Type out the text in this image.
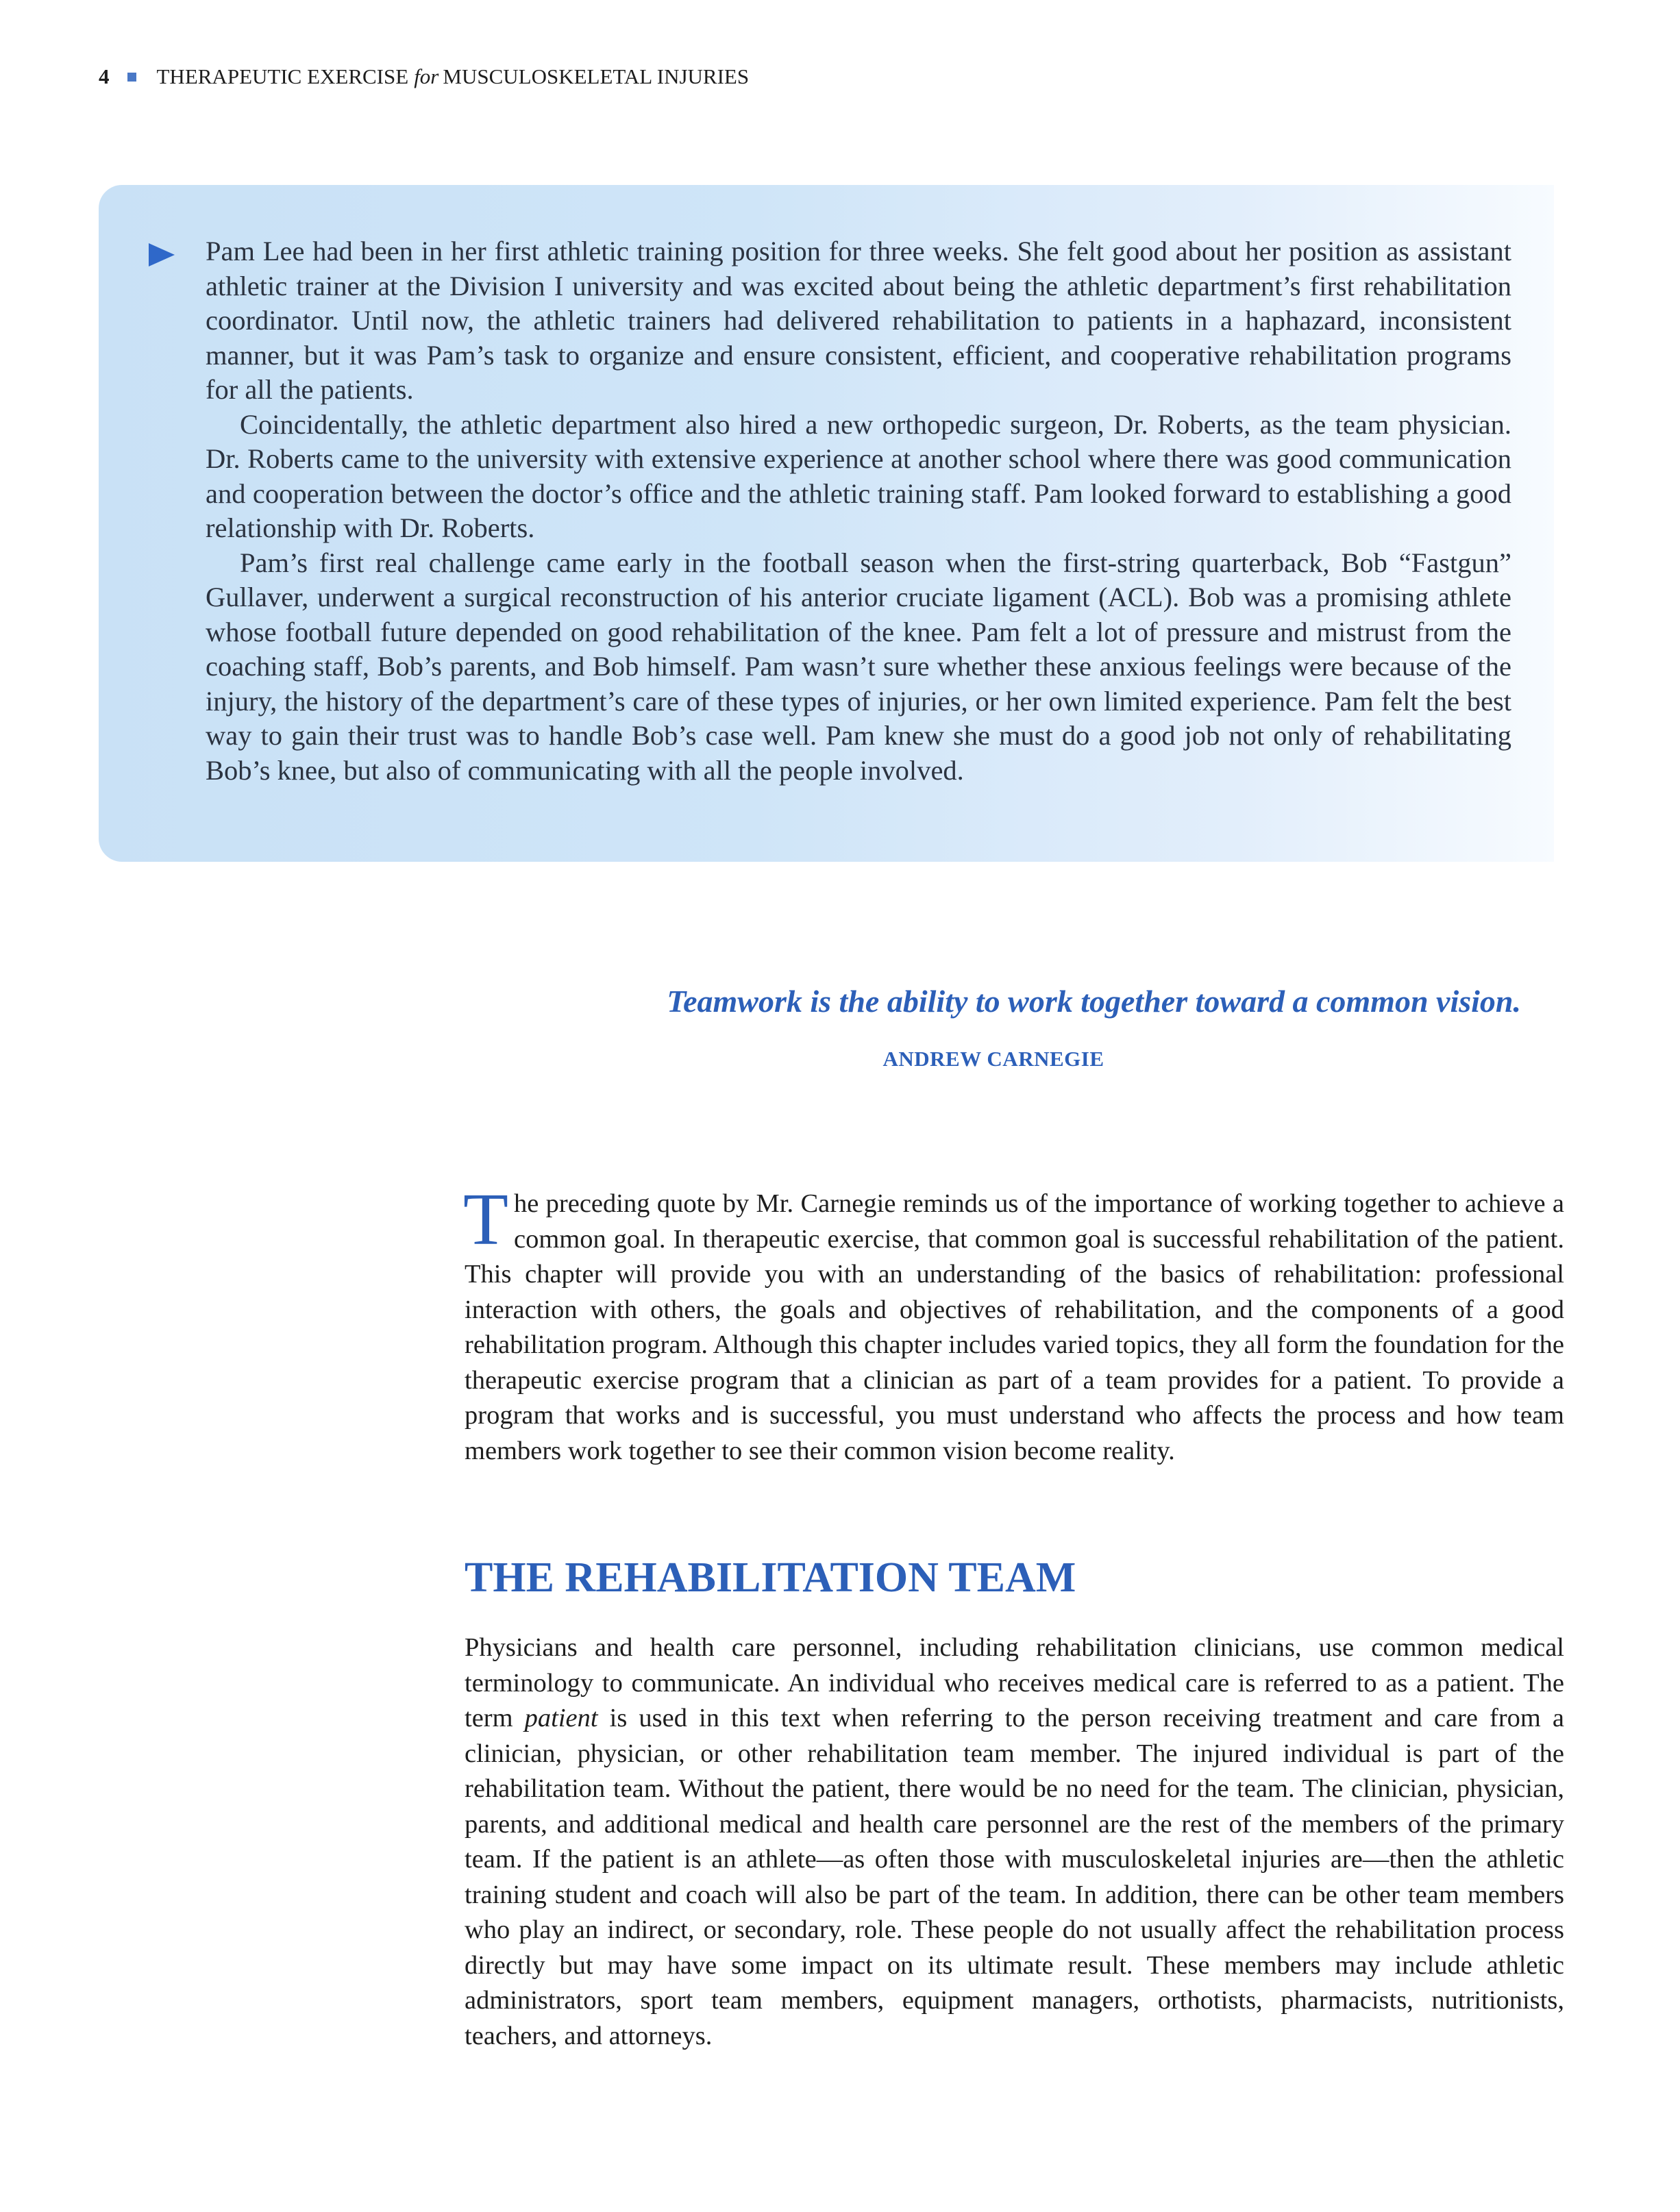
4 THERAPEUTIC EXERCISE for MUSCULOSKELETAL INJURIES

Pam Lee had been in her first athletic training position for three weeks. She felt good about her position as assistant athletic trainer at the Division I university and was excited about being the athletic department’s first rehabilitation coordinator. Until now, the athletic trainers had delivered rehabilitation to patients in a haphazard, inconsistent manner, but it was Pam’s task to organize and ensure consistent, efficient, and cooperative rehabilitation programs for all the patients.

Coincidentally, the athletic department also hired a new orthopedic surgeon, Dr. Roberts, as the team physician. Dr. Roberts came to the university with extensive experience at another school where there was good communication and cooperation between the doctor’s office and the athletic training staff. Pam looked forward to establishing a good relationship with Dr. Roberts.

Pam’s first real challenge came early in the football season when the first-string quarterback, Bob “Fastgun” Gullaver, underwent a surgical reconstruction of his anterior cruciate ligament (ACL). Bob was a promising athlete whose football future depended on good rehabilitation of the knee. Pam felt a lot of pressure and mistrust from the coaching staff, Bob’s parents, and Bob himself. Pam wasn’t sure whether these anxious feelings were because of the injury, the history of the department’s care of these types of injuries, or her own limited experience. Pam felt the best way to gain their trust was to handle Bob’s case well. Pam knew she must do a good job not only of rehabilitating Bob’s knee, but also of communicating with all the people involved.

Teamwork is the ability to work together toward a common vision.
ANDREW CARNEGIE

The preceding quote by Mr. Carnegie reminds us of the importance of working together to achieve a common goal. In therapeutic exercise, that common goal is successful rehabilitation of the patient. This chapter will provide you with an understanding of the basics of rehabilitation: professional interaction with others, the goals and objectives of rehabilitation, and the components of a good rehabilitation program. Although this chapter includes varied topics, they all form the foundation for the therapeutic exercise program that a clinician as part of a team provides for a patient. To provide a program that works and is successful, you must understand who affects the process and how team members work together to see their common vision become reality.

THE REHABILITATION TEAM

Physicians and health care personnel, including rehabilitation clinicians, use common medical terminology to communicate. An individual who receives medical care is referred to as a patient. The term patient is used in this text when referring to the person receiving treatment and care from a clinician, physician, or other rehabilitation team member. The injured individual is part of the rehabilitation team. Without the patient, there would be no need for the team. The clinician, physician, parents, and additional medical and health care personnel are the rest of the members of the primary team. If the patient is an athlete—as often those with musculoskeletal injuries are—then the athletic training student and coach will also be part of the team. In addition, there can be other team members who play an indirect, or secondary, role. These people do not usually affect the rehabilitation process directly but may have some impact on its ultimate result. These members may include athletic administrators, sport team members, equipment managers, orthotists, pharmacists, nutritionists, teachers, and attorneys.
